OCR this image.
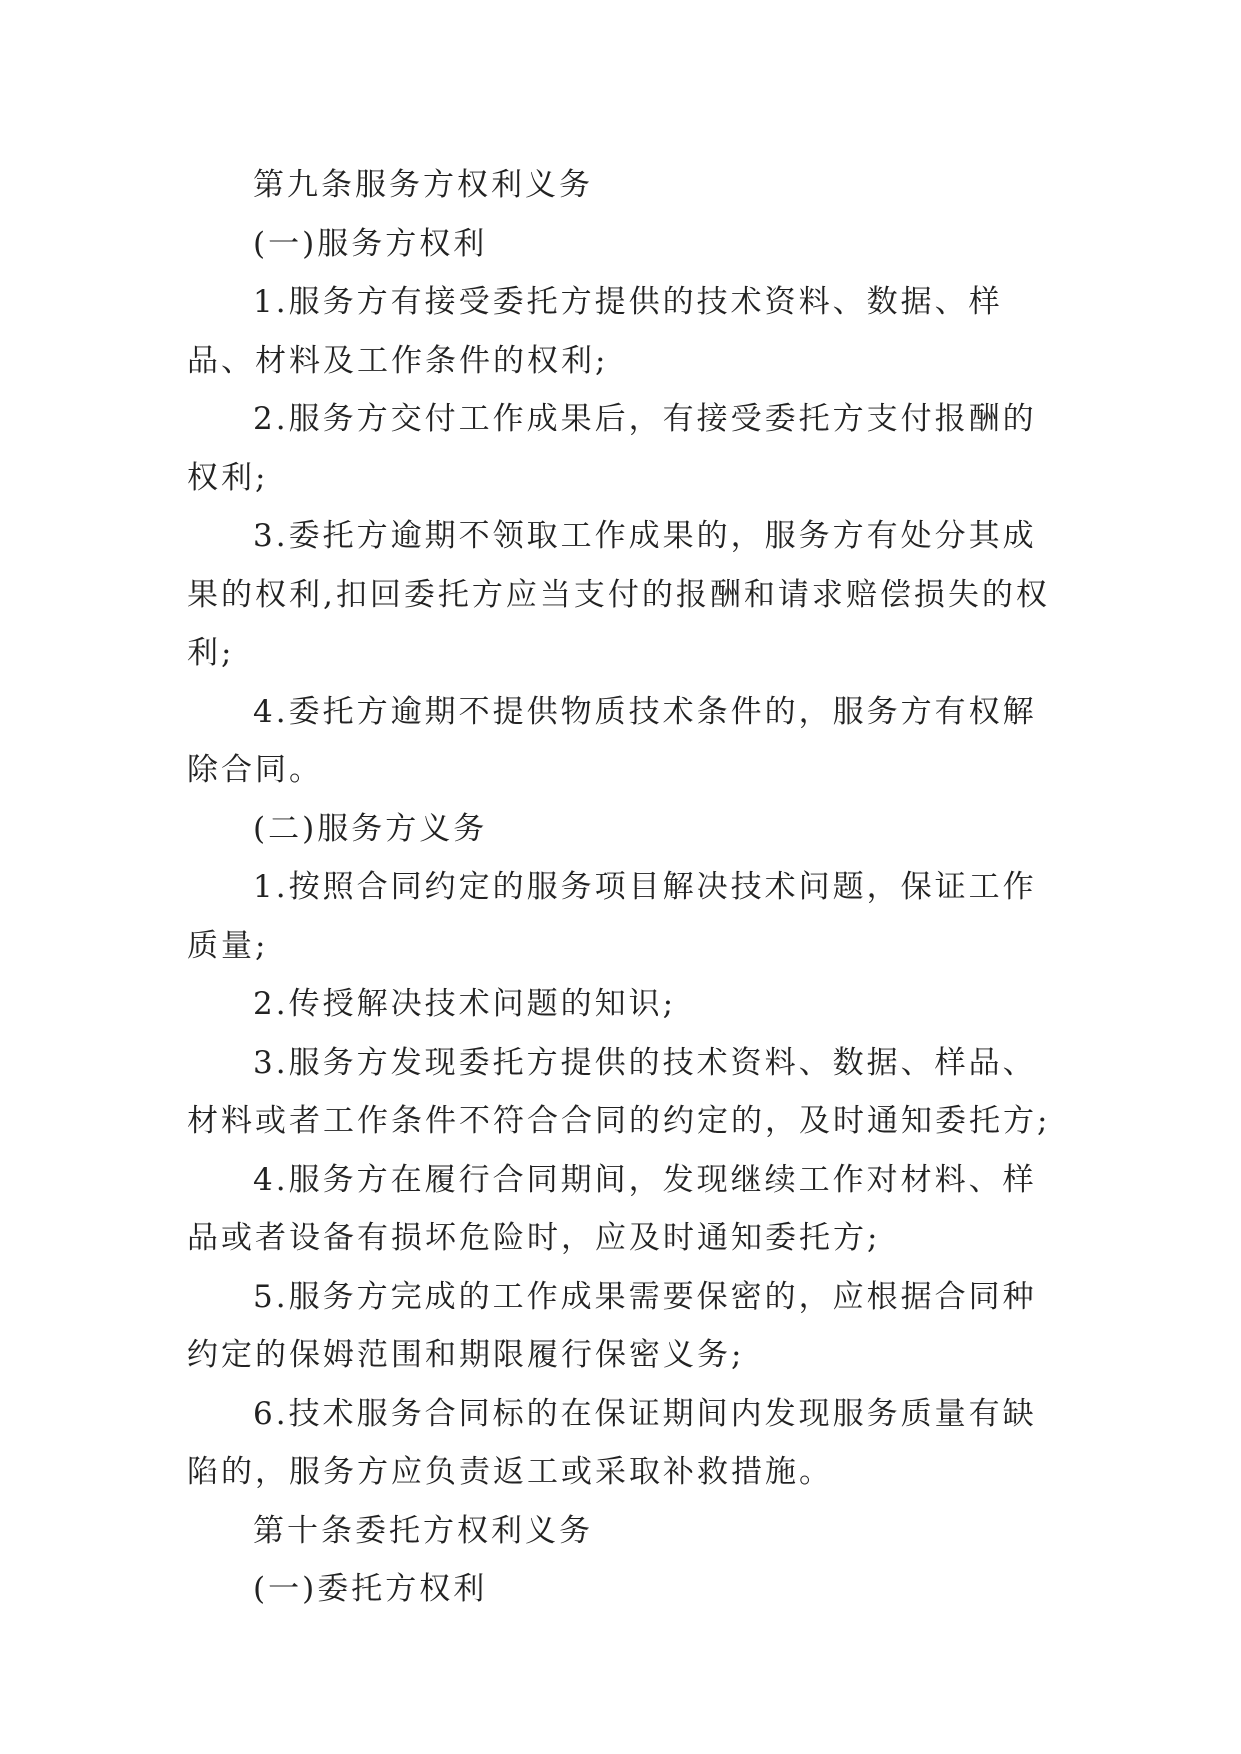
第九条服务方权利义务

(一)服务方权利

1.服务方有接受委托方提供的技术资料、数据、样品、材料及工作条件的权利;

2.服务方交付工作成果后，有接受委托方支付报酬的权利;

3.委托方逾期不领取工作成果的，服务方有处分其成果的权利,扣回委托方应当支付的报酬和请求赔偿损失的权利;

4.委托方逾期不提供物质技术条件的，服务方有权解除合同。

(二)服务方义务

1.按照合同约定的服务项目解决技术问题，保证工作质量;

2.传授解决技术问题的知识;

3.服务方发现委托方提供的技术资料、数据、样品、材料或者工作条件不符合合同的约定的，及时通知委托方;

4.服务方在履行合同期间，发现继续工作对材料、样品或者设备有损坏危险时，应及时通知委托方;

5.服务方完成的工作成果需要保密的，应根据合同种约定的保姆范围和期限履行保密义务;

6.技术服务合同标的在保证期间内发现服务质量有缺陷的，服务方应负责返工或采取补救措施。

第十条委托方权利义务

(一)委托方权利
